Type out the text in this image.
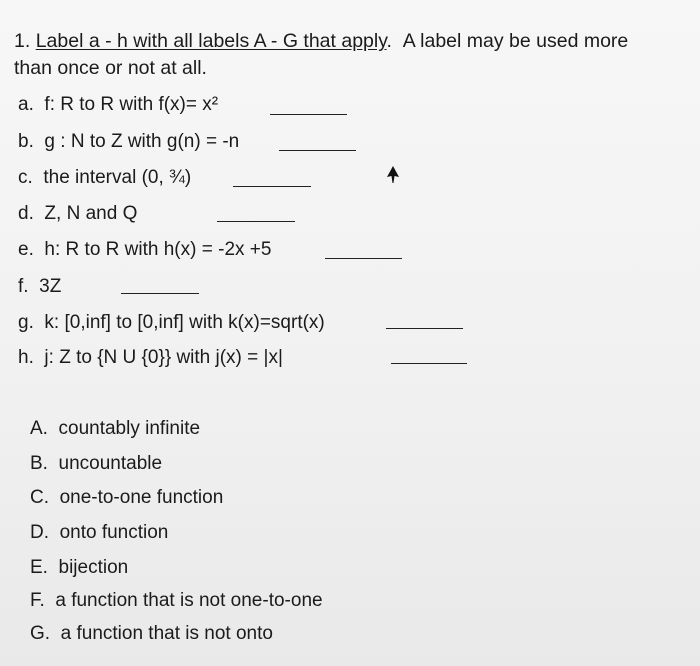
1. Label a - h with all labels A - G that apply. A label may be used more
than once or not at all.
a. f: R to R with f(x)= x²
b. g : N to Z with g(n) = -n
c. the interval (0, ¾)
d. Z, N and Q
e. h: R to R with h(x) = -2x +5
f. 3Z
g. k: [0,inf] to [0,inf] with k(x)=sqrt(x)
h. j: Z to {N U {0}} with j(x) = |x|
A. countably infinite
B. uncountable
C. one-to-one function
D. onto function
E. bijection
F. a function that is not one-to-one
G. a function that is not onto
